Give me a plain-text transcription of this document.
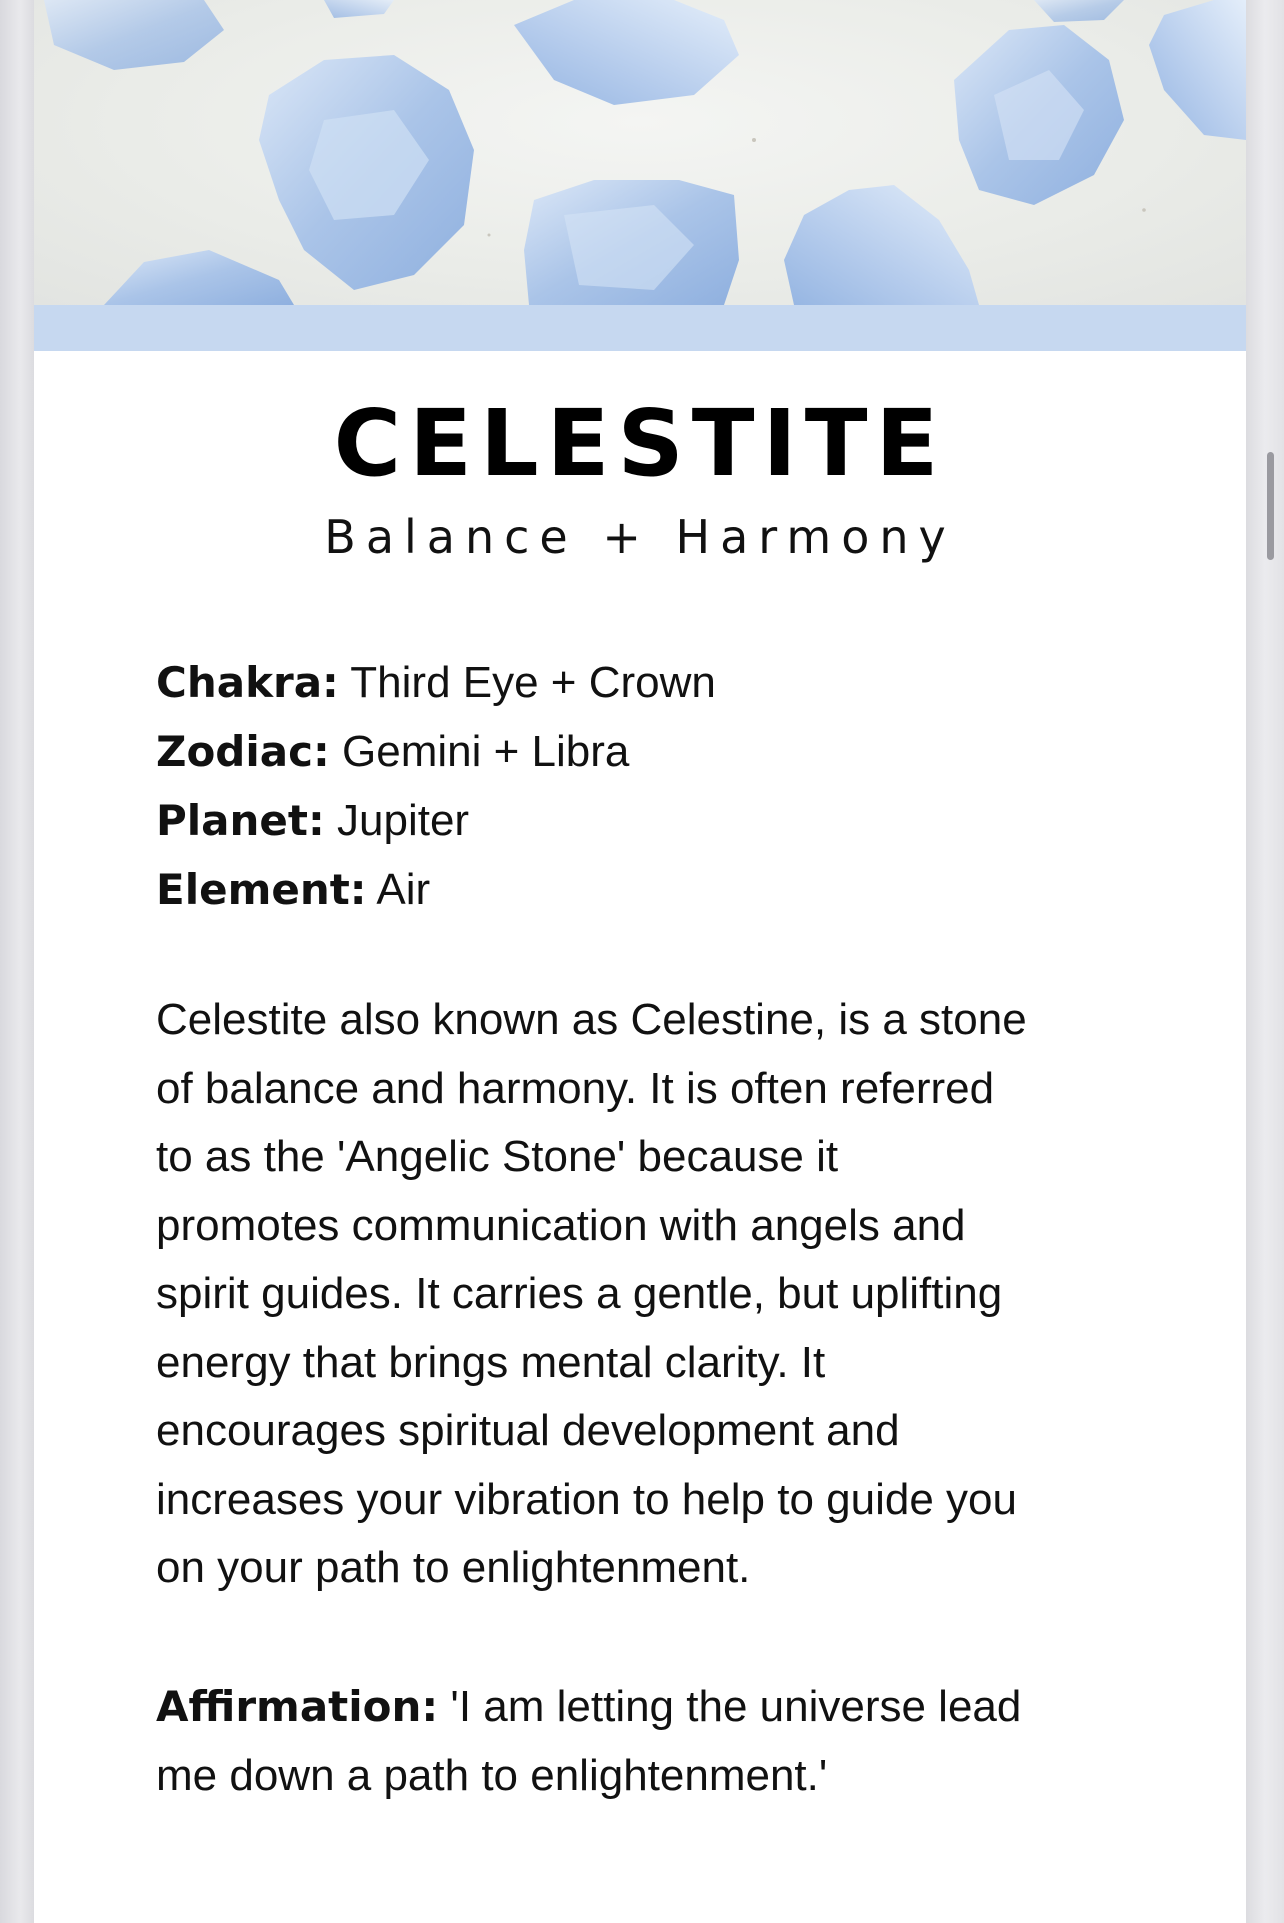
CELESTITE
Balance + Harmony
Chakra: Third Eye + Crown
Zodiac: Gemini + Libra
Planet: Jupiter
Element: Air
Celestite also known as Celestine, is a stone
of balance and harmony. It is often referred
to as the 'Angelic Stone' because it
promotes communication with angels and
spirit guides. It carries a gentle, but uplifting
energy that brings mental clarity. It
encourages spiritual development and
increases your vibration to help to guide you
on your path to enlightenment.
Affirmation: 'I am letting the universe lead
me down a path to enlightenment.'
